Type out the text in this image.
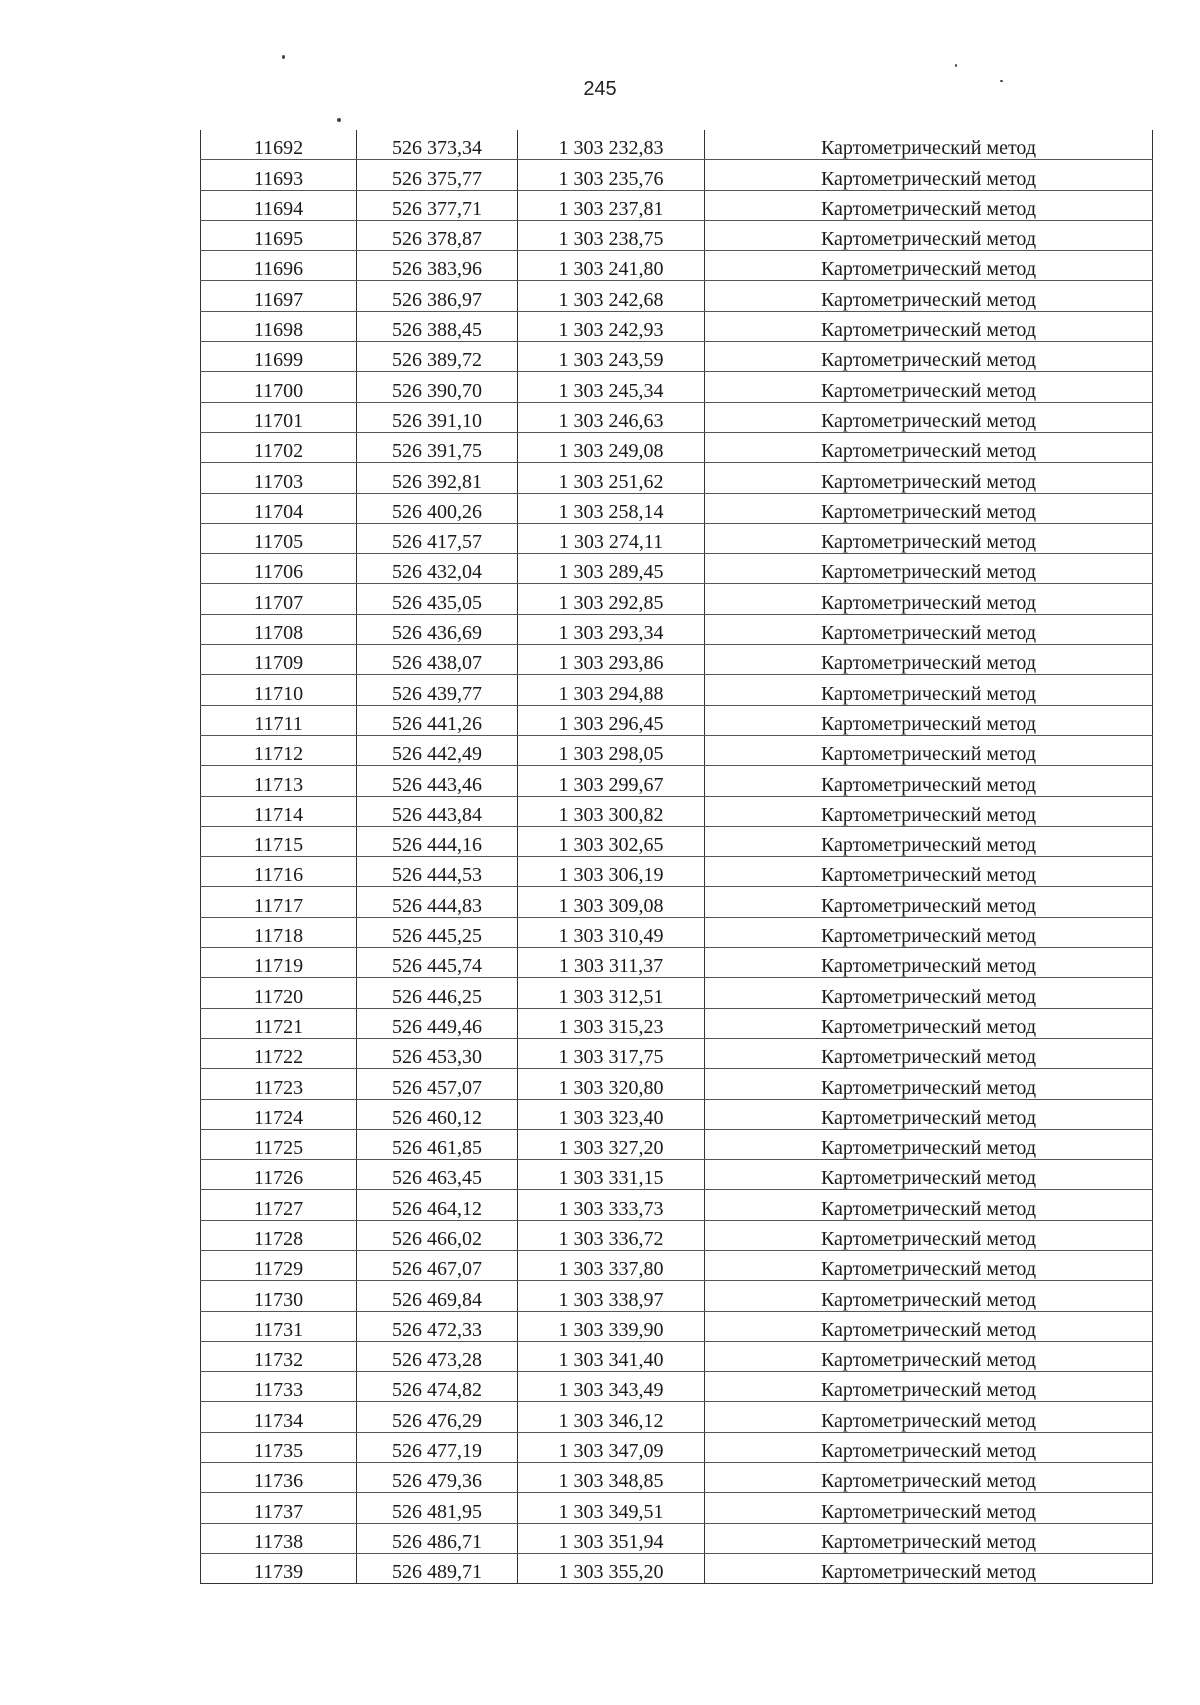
245
11692	526 373,34	1 303 232,83	Картометрический метод
11693	526 375,77	1 303 235,76	Картометрический метод
11694	526 377,71	1 303 237,81	Картометрический метод
11695	526 378,87	1 303 238,75	Картометрический метод
11696	526 383,96	1 303 241,80	Картометрический метод
11697	526 386,97	1 303 242,68	Картометрический метод
11698	526 388,45	1 303 242,93	Картометрический метод
11699	526 389,72	1 303 243,59	Картометрический метод
11700	526 390,70	1 303 245,34	Картометрический метод
11701	526 391,10	1 303 246,63	Картометрический метод
11702	526 391,75	1 303 249,08	Картометрический метод
11703	526 392,81	1 303 251,62	Картометрический метод
11704	526 400,26	1 303 258,14	Картометрический метод
11705	526 417,57	1 303 274,11	Картометрический метод
11706	526 432,04	1 303 289,45	Картометрический метод
11707	526 435,05	1 303 292,85	Картометрический метод
11708	526 436,69	1 303 293,34	Картометрический метод
11709	526 438,07	1 303 293,86	Картометрический метод
11710	526 439,77	1 303 294,88	Картометрический метод
11711	526 441,26	1 303 296,45	Картометрический метод
11712	526 442,49	1 303 298,05	Картометрический метод
11713	526 443,46	1 303 299,67	Картометрический метод
11714	526 443,84	1 303 300,82	Картометрический метод
11715	526 444,16	1 303 302,65	Картометрический метод
11716	526 444,53	1 303 306,19	Картометрический метод
11717	526 444,83	1 303 309,08	Картометрический метод
11718	526 445,25	1 303 310,49	Картометрический метод
11719	526 445,74	1 303 311,37	Картометрический метод
11720	526 446,25	1 303 312,51	Картометрический метод
11721	526 449,46	1 303 315,23	Картометрический метод
11722	526 453,30	1 303 317,75	Картометрический метод
11723	526 457,07	1 303 320,80	Картометрический метод
11724	526 460,12	1 303 323,40	Картометрический метод
11725	526 461,85	1 303 327,20	Картометрический метод
11726	526 463,45	1 303 331,15	Картометрический метод
11727	526 464,12	1 303 333,73	Картометрический метод
11728	526 466,02	1 303 336,72	Картометрический метод
11729	526 467,07	1 303 337,80	Картометрический метод
11730	526 469,84	1 303 338,97	Картометрический метод
11731	526 472,33	1 303 339,90	Картометрический метод
11732	526 473,28	1 303 341,40	Картометрический метод
11733	526 474,82	1 303 343,49	Картометрический метод
11734	526 476,29	1 303 346,12	Картометрический метод
11735	526 477,19	1 303 347,09	Картометрический метод
11736	526 479,36	1 303 348,85	Картометрический метод
11737	526 481,95	1 303 349,51	Картометрический метод
11738	526 486,71	1 303 351,94	Картометрический метод
11739	526 489,71	1 303 355,20	Картометрический метод
